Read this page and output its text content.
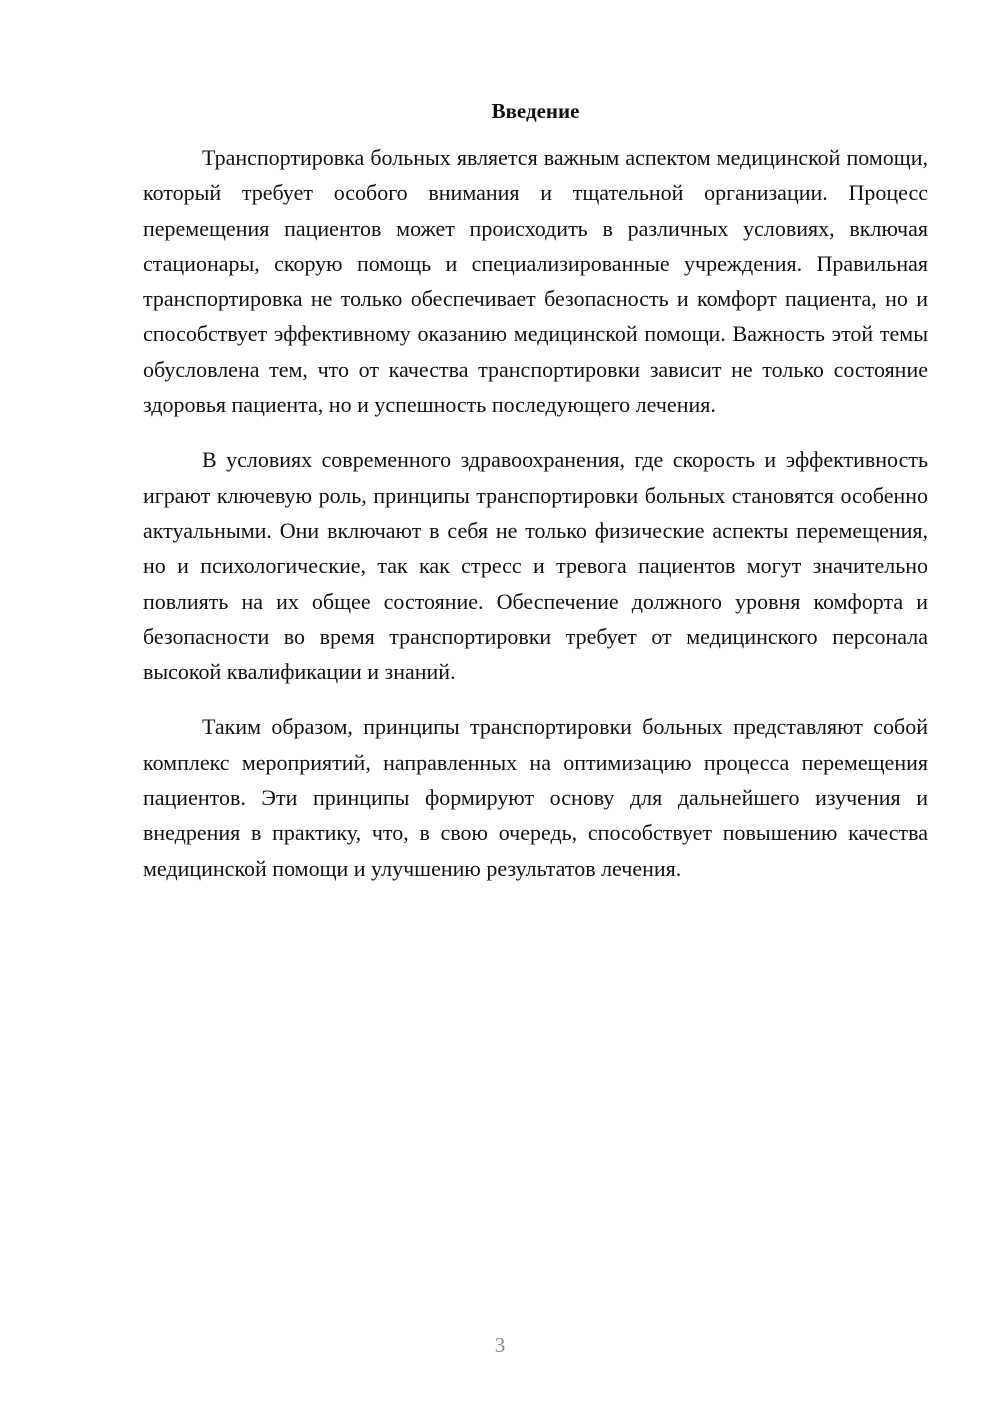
Введение

Транспортировка больных является важным аспектом медицинской помощи, который требует особого внимания и тщательной организации. Процесс перемещения пациентов может происходить в различных условиях, включая стационары, скорую помощь и специализированные учреждения. Правильная транспортировка не только обеспечивает безопасность и комфорт пациента, но и способствует эффективному оказанию медицинской помощи. Важность этой темы обусловлена тем, что от качества транспортировки зависит не только состояние здоровья пациента, но и успешность последующего лечения.

В условиях современного здравоохранения, где скорость и эффективность играют ключевую роль, принципы транспортировки больных становятся особенно актуальными. Они включают в себя не только физические аспекты перемещения, но и психологические, так как стресс и тревога пациентов могут значительно повлиять на их общее состояние. Обеспечение должного уровня комфорта и безопасности во время транспортировки требует от медицинского персонала высокой квалификации и знаний.

Таким образом, принципы транспортировки больных представляют собой комплекс мероприятий, направленных на оптимизацию процесса перемещения пациентов. Эти принципы формируют основу для дальнейшего изучения и внедрения в практику, что, в свою очередь, способствует повышению качества медицинской помощи и улучшению результатов лечения.

3
